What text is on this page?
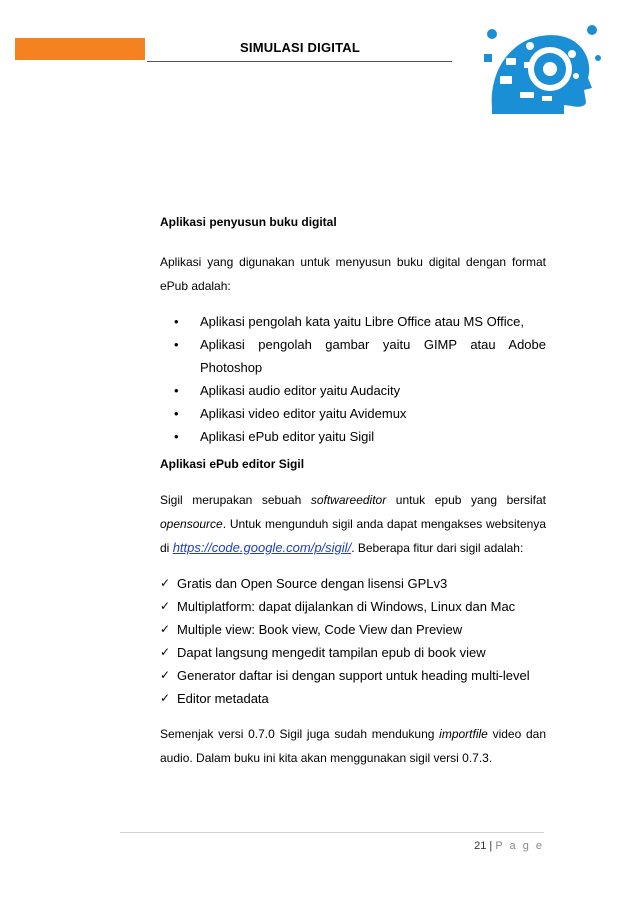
SIMULASI DIGITAL

Aplikasi penyusun buku digital

Aplikasi yang digunakan untuk menyusun buku digital dengan format

ePub adalah:

• Aplikasi pengolah kata yaitu Libre Office atau MS Office,
• Aplikasi pengolah gambar yaitu GIMP atau Adobe
Photoshop
• Aplikasi audio editor yaitu Audacity
• Aplikasi video editor yaitu Avidemux
• Aplikasi ePub editor yaitu Sigil

Aplikasi ePub editor Sigil

Sigil merupakan sebuah softwareeditor untuk epub yang bersifat

opensource. Untuk mengunduh sigil anda dapat mengakses websitenya

di https://code.google.com/p/sigil/. Beberapa fitur dari sigil adalah:

✓ Gratis dan Open Source dengan lisensi GPLv3
✓ Multiplatform: dapat dijalankan di Windows, Linux dan Mac
✓ Multiple view: Book view, Code View dan Preview
✓ Dapat langsung mengedit tampilan epub di book view
✓ Generator daftar isi dengan support untuk heading multi-level
✓ Editor metadata

Semenjak versi 0.7.0 Sigil juga sudah mendukung importfile video dan

audio. Dalam buku ini kita akan menggunakan sigil versi 0.7.3.

21 | P a g e
